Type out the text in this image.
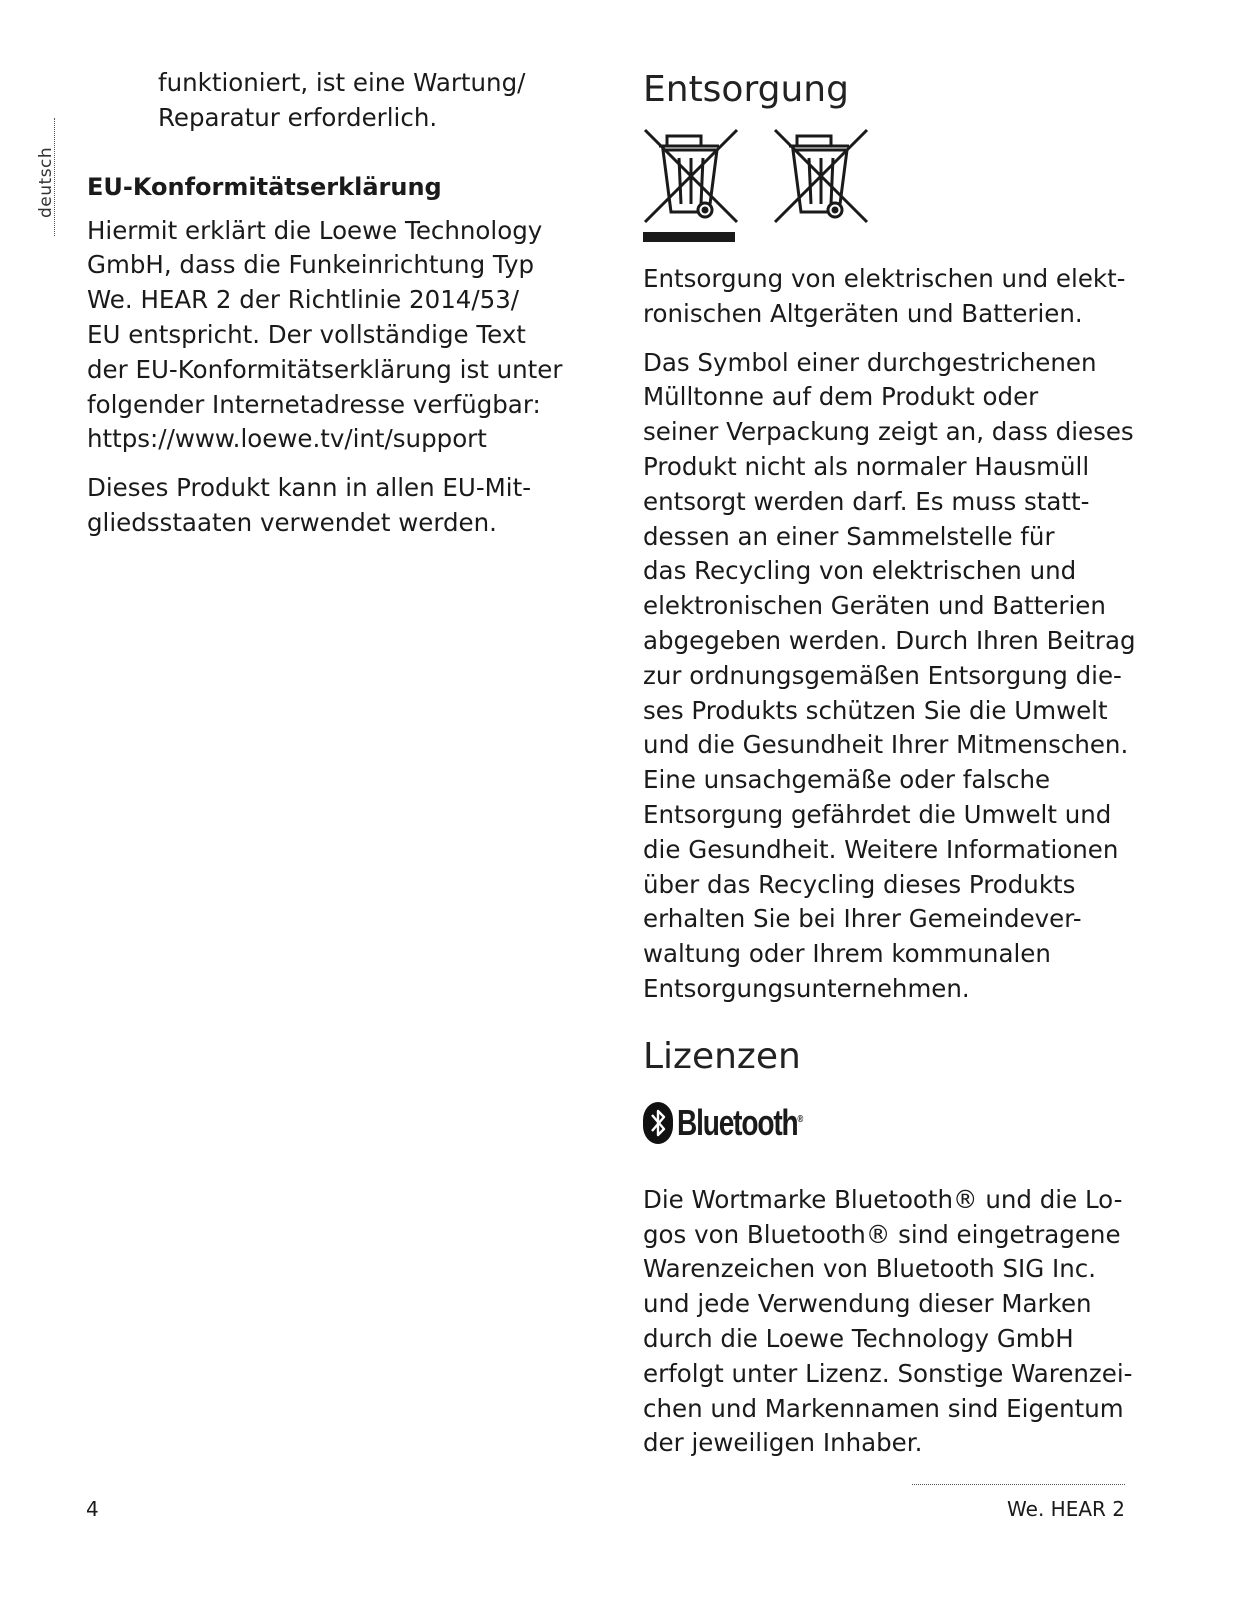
deutsch

funktioniert, ist eine Wartung/
Reparatur erforderlich.

EU-Konformitätserklärung

Hiermit erklärt die Loewe Technology
GmbH, dass die Funkeinrichtung Typ
We. HEAR 2 der Richtlinie 2014/53/
EU entspricht. Der vollständige Text
der EU-Konformitätserklärung ist unter
folgender Internetadresse verfügbar:
https://www.loewe.tv/int/support

Dieses Produkt kann in allen EU-Mit-
gliedsstaaten verwendet werden.

Entsorgung

Entsorgung von elektrischen und elekt-
ronischen Altgeräten und Batterien.

Das Symbol einer durchgestrichenen
Mülltonne auf dem Produkt oder
seiner Verpackung zeigt an, dass dieses
Produkt nicht als normaler Hausmüll
entsorgt werden darf. Es muss statt-
dessen an einer Sammelstelle für
das Recycling von elektrischen und
elektronischen Geräten und Batterien
abgegeben werden. Durch Ihren Beitrag
zur ordnungsgemäßen Entsorgung die-
ses Produkts schützen Sie die Umwelt
und die Gesundheit Ihrer Mitmenschen.
Eine unsachgemäße oder falsche
Entsorgung gefährdet die Umwelt und
die Gesundheit. Weitere Informationen
über das Recycling dieses Produkts
erhalten Sie bei Ihrer Gemeindever-
waltung oder Ihrem kommunalen
Entsorgungsunternehmen.

Lizenzen
Bluetooth®

Die Wortmarke Bluetooth® und die Lo-
gos von Bluetooth® sind eingetragene
Warenzeichen von Bluetooth SIG Inc.
und jede Verwendung dieser Marken
durch die Loewe Technology GmbH
erfolgt unter Lizenz. Sonstige Warenzei-
chen und Markennamen sind Eigentum
der jeweiligen Inhaber.

4	We. HEAR 2
